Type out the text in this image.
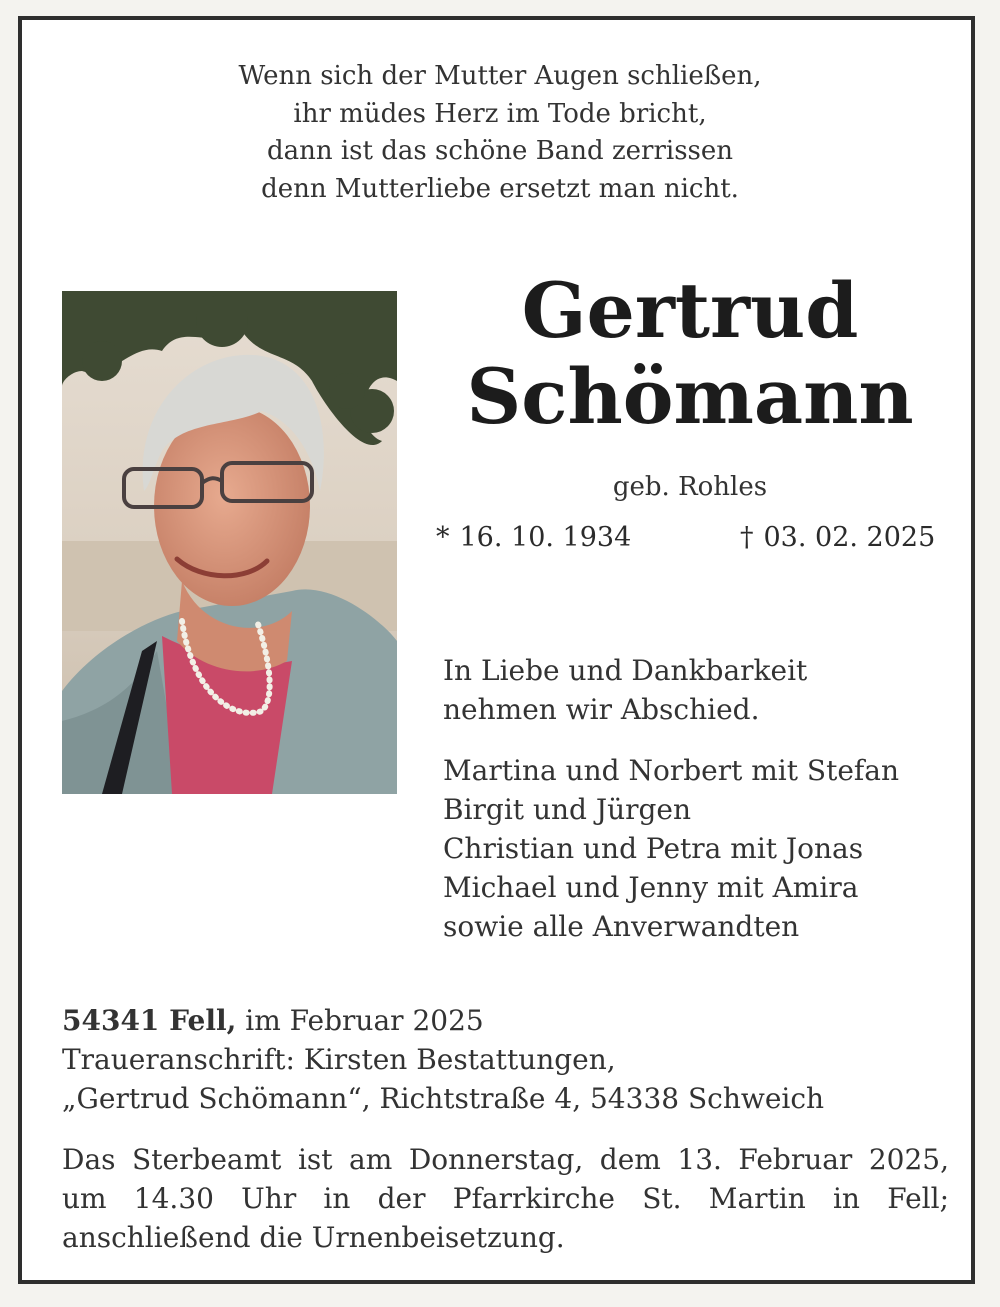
Wenn sich der Mutter Augen schließen,
ihr müdes Herz im Tode bricht,
dann ist das schöne Band zerrissen
denn Mutterliebe ersetzt man nicht.
Gertrud
Schömann
geb. Rohles
* 16. 10. 1934	† 03. 02. 2025
In Liebe und Dankbarkeit
nehmen wir Abschied.
Martina und Norbert mit Stefan
Birgit und Jürgen
Christian und Petra mit Jonas
Michael und Jenny mit Amira
sowie alle Anverwandten
54341 Fell, im Februar 2025
Traueranschrift: Kirsten Bestattungen,
„Gertrud Schömann“, Richtstraße 4, 54338 Schweich
Das Sterbeamt ist am Donnerstag, dem 13. Februar 2025,
um 14.30 Uhr in der Pfarrkirche St. Martin in Fell;
anschließend die Urnenbeisetzung.
